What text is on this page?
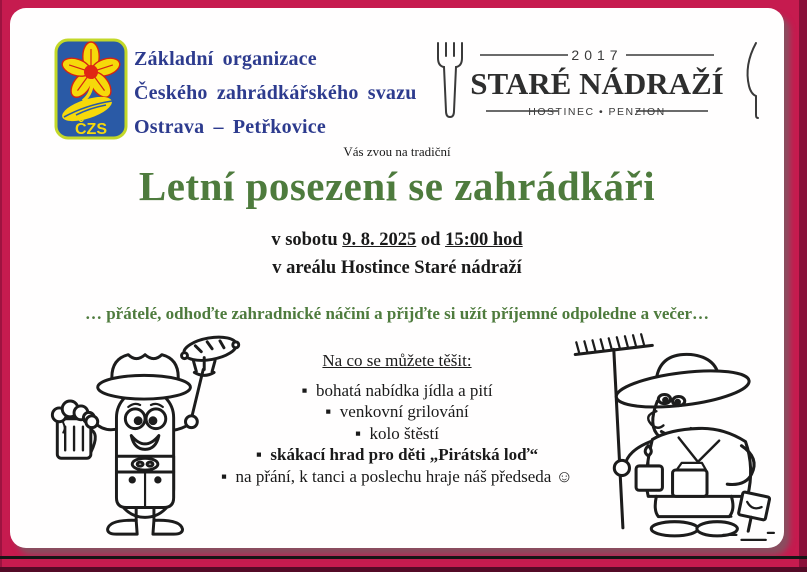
ČZS
Základní organizace
Českého zahrádkářského svazu
Ostrava – Petřkovice
2017
STARÉ NÁDRAŽÍ
HOSTINEC • PENZION
Vás zvou na tradiční
Letní posezení se zahrádkáři
v sobotu 9. 8. 2025 od 15:00 hod
v areálu Hostince Staré nádraží
… přátelé, odhoďte zahradnické náčiní a přijďte si užít příjemné odpoledne a večer…
Na co se můžete těšit:
▪  bohatá nabídka jídla a pití
▪  venkovní grilování
▪  kolo štěstí
▪  skákací hrad pro děti „Pirátská loď“
▪  na přání, k tanci a poslechu hraje náš předseda ☺
